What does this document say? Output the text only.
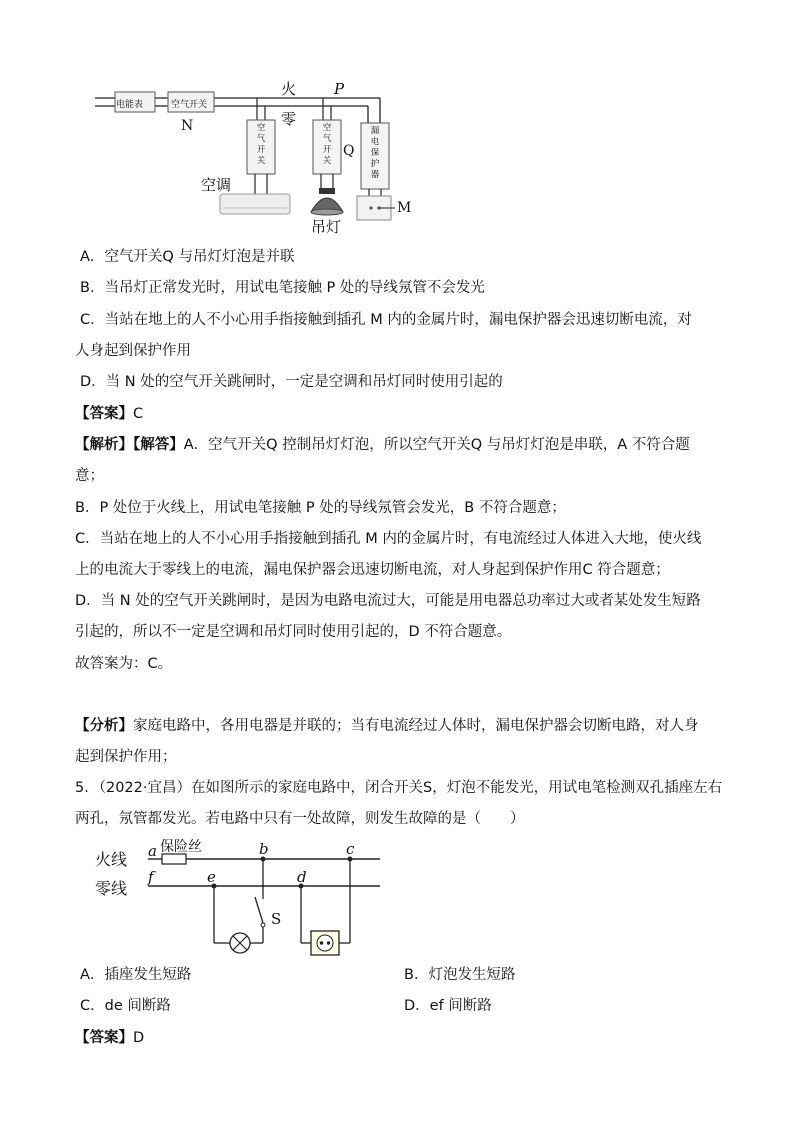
电能表	空气开关
火	P
零
N
Q
M
空调
吊灯
空
气
开
关
空
气
开
关
漏
电
保
护
器
A．空气开关Q 与吊灯灯泡是并联
B．当吊灯正常发光时，用试电笔接触 P 处的导线氖管不会发光
C．当站在地上的人不小心用手指接触到插孔 M 内的金属片时，漏电保护器会迅速切断电流，对
人身起到保护作用
D．当 N 处的空气开关跳闸时，一定是空调和吊灯同时使用引起的
【答案】C
【解析】【解答】A．空气开关Q 控制吊灯灯泡，所以空气开关Q 与吊灯灯泡是串联，A 不符合题
意；
B．P 处位于火线上，用试电笔接触 P 处的导线氖管会发光，B 不符合题意；
C．当站在地上的人不小心用手指接触到插孔 M 内的金属片时，有电流经过人体进入大地，使火线
上的电流大于零线上的电流，漏电保护器会迅速切断电流，对人身起到保护作用C 符合题意；
D．当 N 处的空气开关跳闸时，是因为电路电流过大，可能是用电器总功率过大或者某处发生短路
引起的，所以不一定是空调和吊灯同时使用引起的，D 不符合题意。
故答案为：C。
【分析】家庭电路中，各用电器是并联的；当有电流经过人体时，漏电保护器会切断电路，对人身
起到保护作用；
5．（2022·宜昌）在如图所示的家庭电路中，闭合开关S，灯泡不能发光，用试电笔检测双孔插座左右
两孔，氖管都发光。若电路中只有一处故障，则发生故障的是（　　）
火线
零线
保险丝
a
f
b	c
e	d
S
A．插座发生短路	B．灯泡发生短路
C．de 间断路	D．ef 间断路
【答案】D
